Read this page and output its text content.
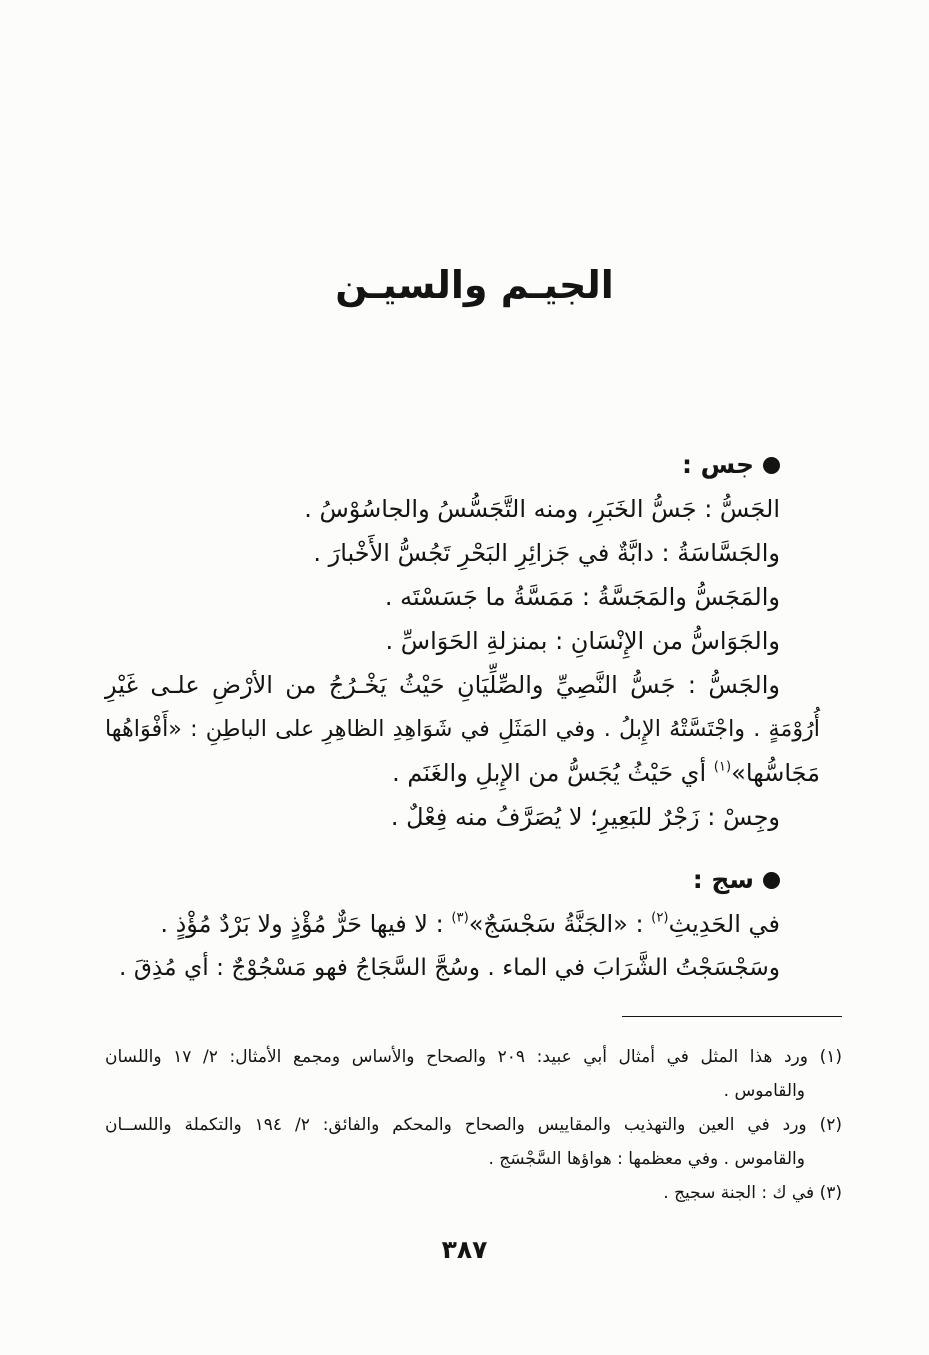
الجيـم والسيـن
جس :
الجَسُّ : جَسُّ الخَبَرِ، ومنه التَّجَسُّسُ والجاسُوْسُ .
والجَسَّاسَةُ : دابَّةٌ في جَزائِرِ البَحْرِ تَجُسُّ الأَخْبارَ .
والمَجَسُّ والمَجَسَّةُ : مَمَسَّةُ ما جَسَسْتَه .
والجَوَاسُّ من الإِنْسَانِ : بمنزلةِ الحَوَاسِّ .
والجَسُّ : جَسُّ النَّصِيِّ والصِّلِّيَانِ حَيْثُ يَخْـرُجُ من الأرْضِ علـى غَيْرِ
أُرُوْمَةٍ . واجْتَسَّتْهُ الإِبلُ . وفي المَثَلِ في شَوَاهِدِ الظاهِرِ على الباطِنِ : «أَفْوَاهُها
مَجَاسُّها»$^{(١)}$ أي حَيْثُ يُجَسُّ من الإِبلِ والغَنَم .
وجِسْ : زَجْرٌ للبَعِيرِ؛ لا يُصَرَّفُ منه فِعْلٌ .
سج :
في الحَدِيثِ$^{(٢)}$ : «الجَنَّةُ سَجْسَجٌ»$^{(٣)}$ : لا فيها حَرٌّ مُؤْذٍ ولا بَرْدٌ مُؤْذٍ .
وسَجْسَجْتُ الشَّرَابَ في الماء . وسُجَّ السَّجَاجُ فهو مَسْجُوْجٌ : أي مُذِقَ .
(١) ورد هذا المثل في أمثال أبي عبيد: ٢٠٩ والصحاح والأساس ومجمع الأمثال: ٢/ ١٧ واللسان
والقاموس .
(٢) ورد في العين والتهذيب والمقاييس والصحاح والمحكم والفائق: ٢/ ١٩٤ والتكملة واللســان
والقاموس . وفي معظمها : هواؤها السَّجْسَج .
(٣) في ك : الجنة سجيج .
٣٨٧
